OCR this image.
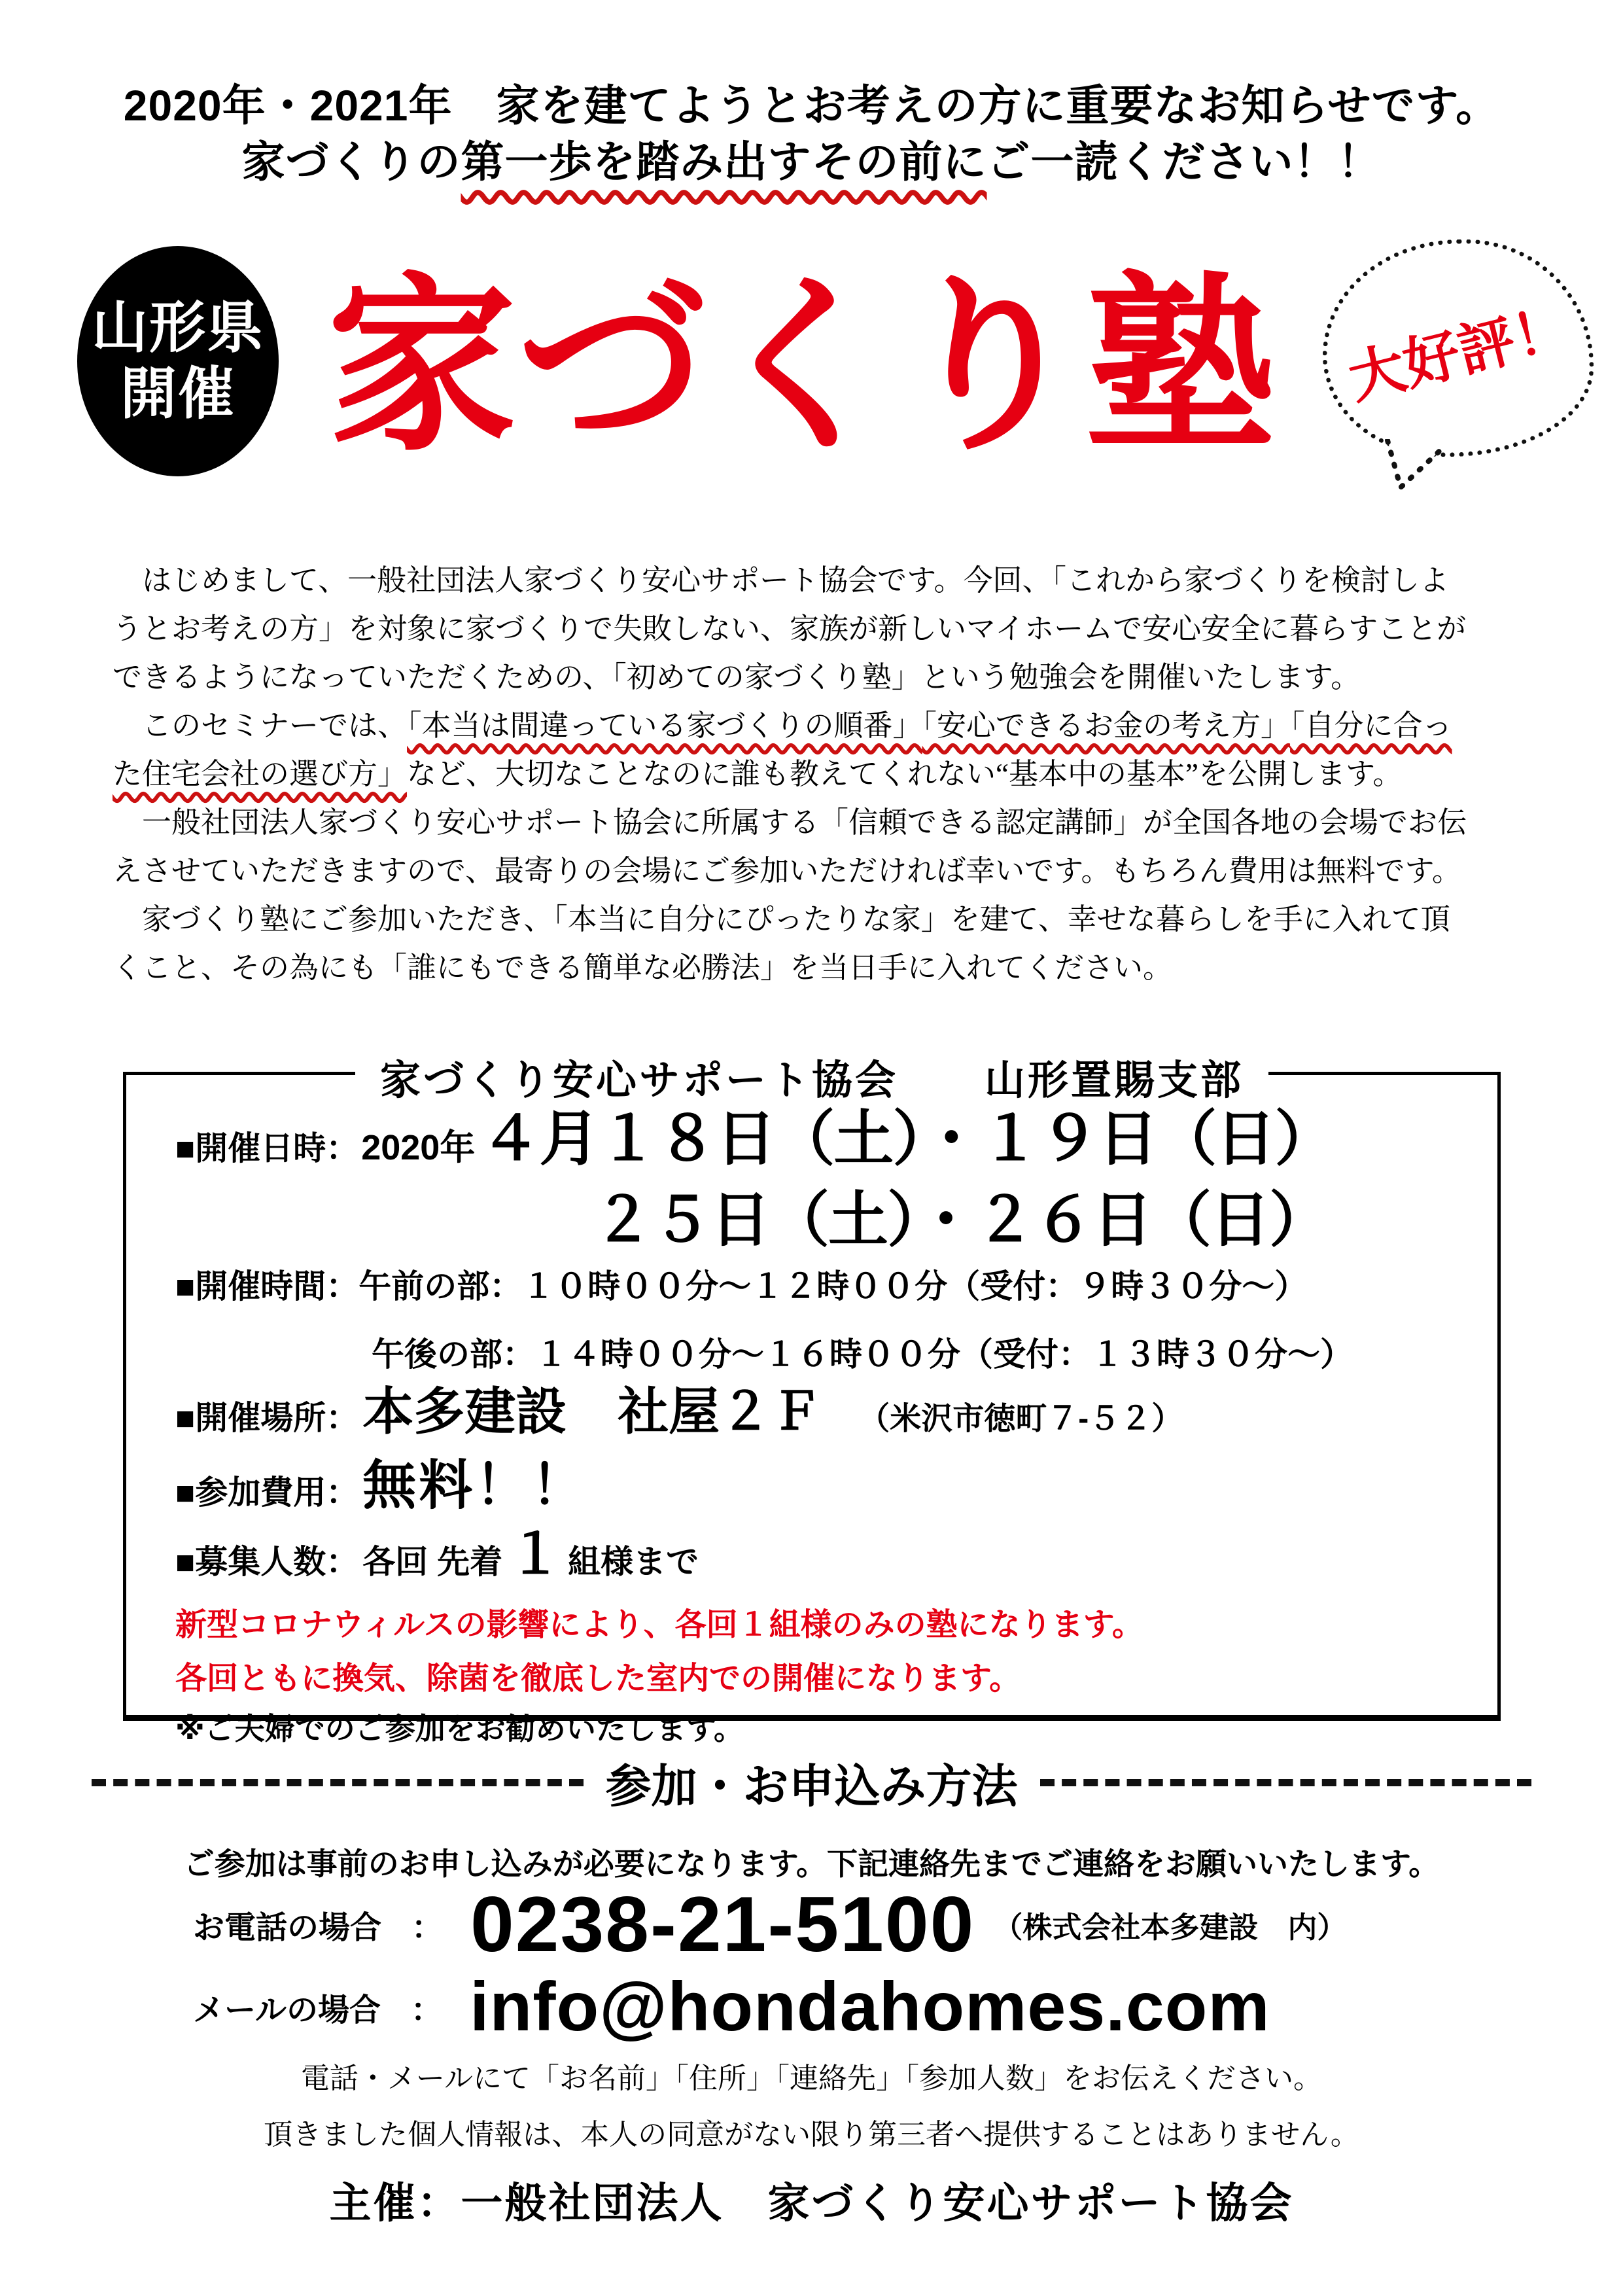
2020年・2021年　家を建てようとお考えの方に重要なお知らせです。
家づくりの第一歩を踏み出すその前にご一読ください！！
山形県
開催 家づくり塾 大好評！
　はじめまして、一般社団法人家づくり安心サポート協会です。今回、「これから家づくりを検討しよ
うとお考えの方」を対象に家づくりで失敗しない、家族が新しいマイホームで安心安全に暮らすことが
できるようになっていただくための、「初めての家づくり塾」という勉強会を開催いたします。
　このセミナーでは、「本当は間違っている家づくりの順番」「安心できるお金の考え方」「自分に合っ
た住宅会社の選び方」など、大切なことなのに誰も教えてくれない“基本中の基本”を公開します。
　一般社団法人家づくり安心サポート協会に所属する「信頼できる認定講師」が全国各地の会場でお伝
えさせていただきますので、最寄りの会場にご参加いただければ幸いです。もちろん費用は無料です。
　家づくり塾にご参加いただき、「本当に自分にぴったりな家」を建て、幸せな暮らしを手に入れて頂
くこと、その為にも「誰にもできる簡単な必勝法」を当日手に入れてください。
家づくり安心サポート協会　　山形置賜支部
■開催日時： 2020年 ４月１８日（土）・１９日（日）
２５日（土）・２６日（日）
■開催時間： 午前の部：１０時００分～１２時００分（受付：９時３０分～）
午後の部：１４時００分～１６時００分（受付：１３時３０分～）
■開催場所： 本多建設　社屋２Ｆ （米沢市徳町７-５２）
■参加費用： 無料！！
■募集人数： 各回 先着 １ 組様まで
新型コロナウィルスの影響により、各回１組様のみの塾になります。
各回ともに換気、除菌を徹底した室内での開催になります。
※ご夫婦でのご参加をお勧めいたします。
参加・お申込み方法
ご参加は事前のお申し込みが必要になります。下記連絡先までご連絡をお願いいたします。
お電話の場合 ： 0238-21-5100 （株式会社本多建設　内）
メールの場合 ： info@hondahomes.com
電話・メールにて「お名前」「住所」「連絡先」「参加人数」をお伝えください。
頂きました個人情報は、本人の同意がない限り第三者へ提供することはありません。
主催：一般社団法人　家づくり安心サポート協会
